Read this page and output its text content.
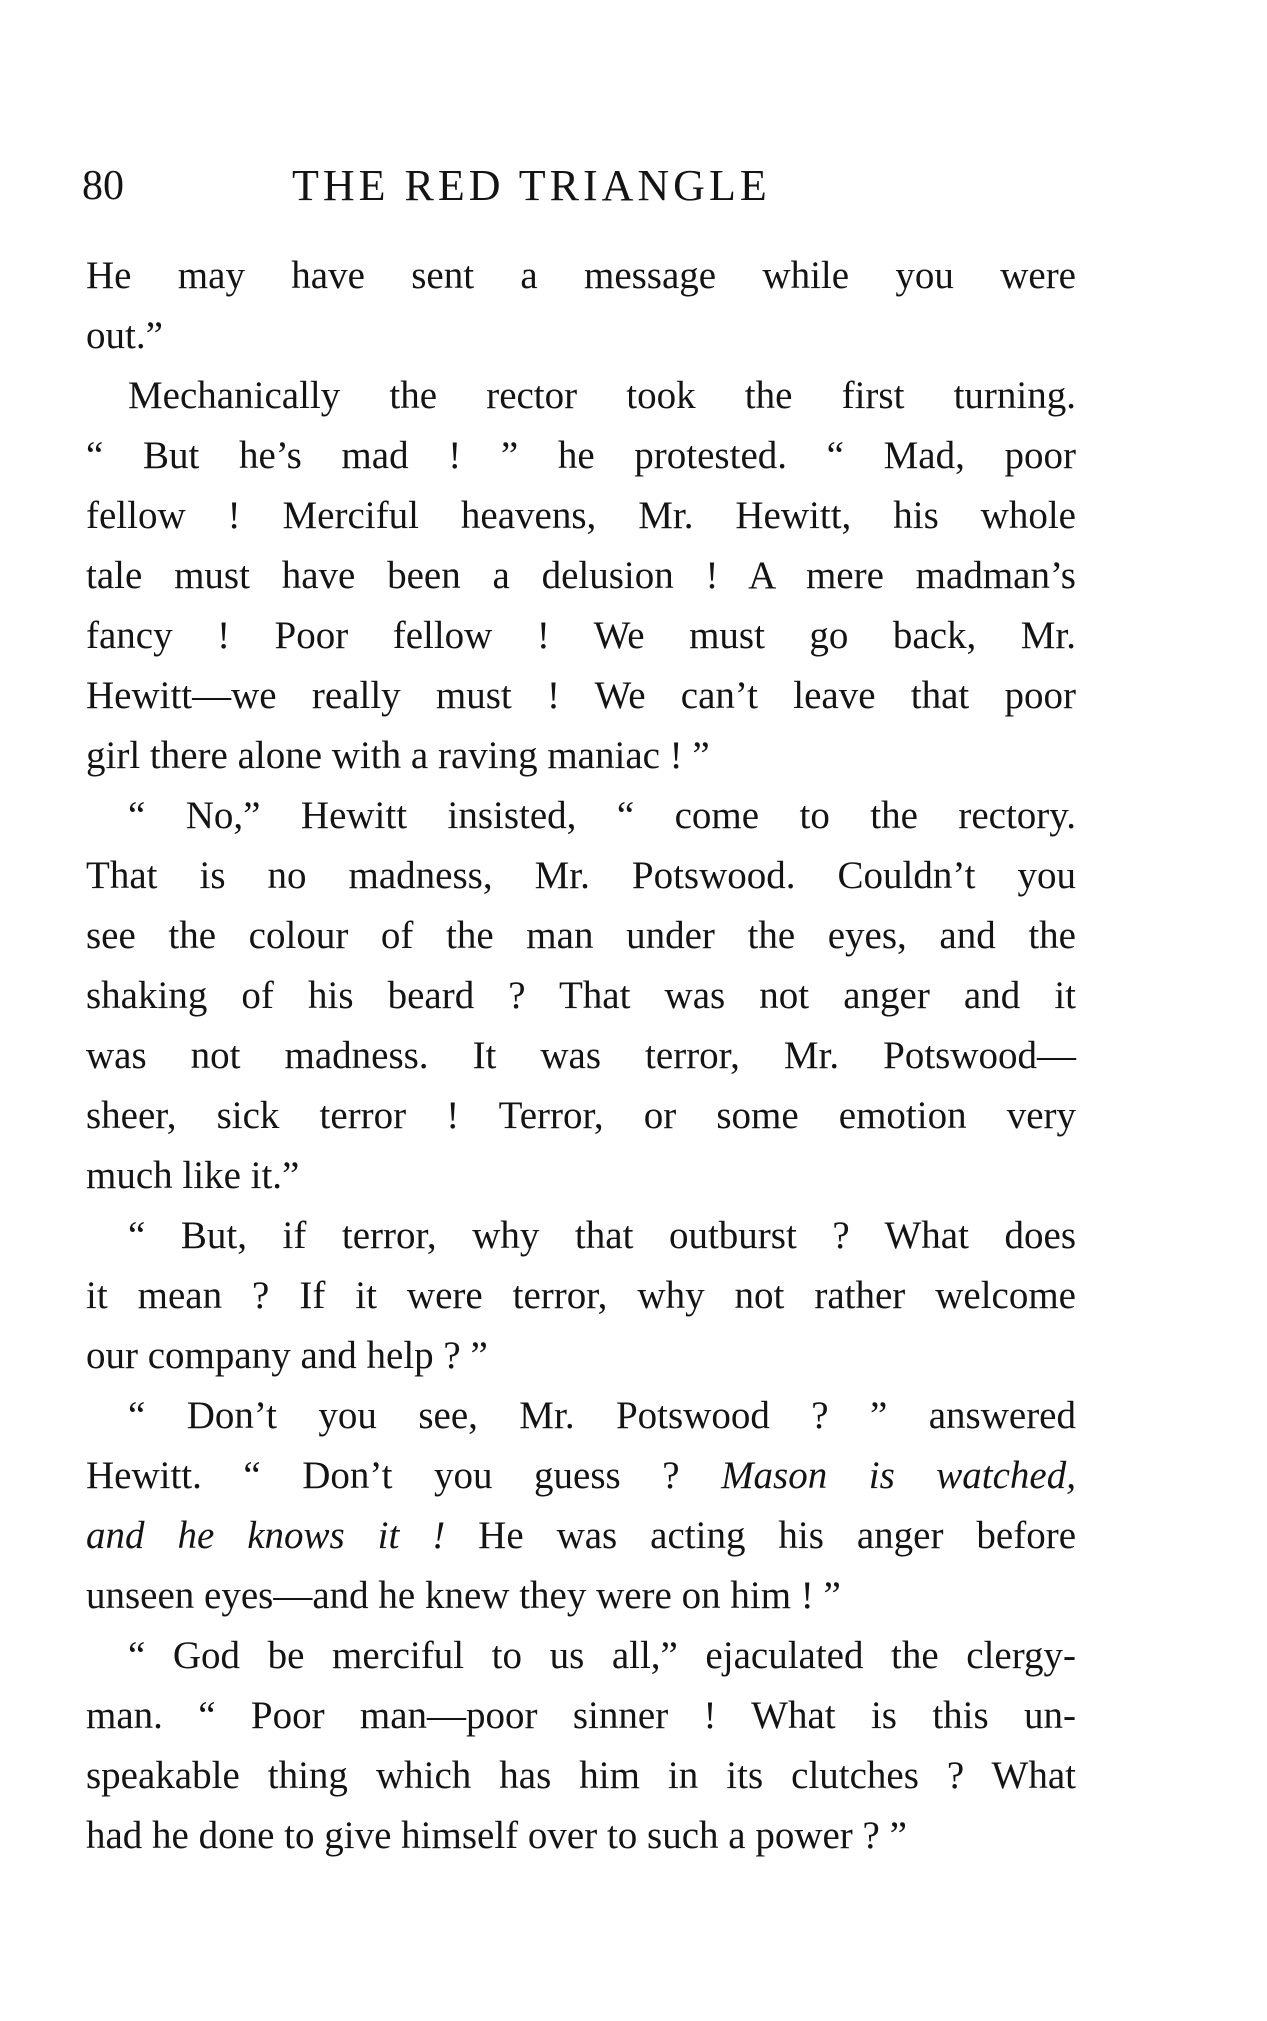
80	THE RED TRIANGLE
He may have sent a message while you were
out.”
Mechanically the rector took the first turning.
“ But he’s mad ! ” he protested. “ Mad, poor
fellow ! Merciful heavens, Mr. Hewitt, his whole
tale must have been a delusion ! A mere madman’s
fancy ! Poor fellow ! We must go back, Mr.
Hewitt—we really must ! We can’t leave that poor
girl there alone with a raving maniac ! ”
“ No,” Hewitt insisted, “ come to the rectory.
That is no madness, Mr. Potswood. Couldn’t you
see the colour of the man under the eyes, and the
shaking of his beard ? That was not anger and it
was not madness. It was terror, Mr. Potswood—
sheer, sick terror ! Terror, or some emotion very
much like it.”
“ But, if terror, why that outburst ? What does
it mean ? If it were terror, why not rather welcome
our company and help ? ”
“ Don’t you see, Mr. Potswood ? ” answered
Hewitt. “ Don’t you guess ? Mason is watched,
and he knows it ! He was acting his anger before
unseen eyes—and he knew they were on him ! ”
“ God be merciful to us all,” ejaculated the clergy-
man. “ Poor man—poor sinner ! What is this un-
speakable thing which has him in its clutches ? What
had he done to give himself over to such a power ? ”
